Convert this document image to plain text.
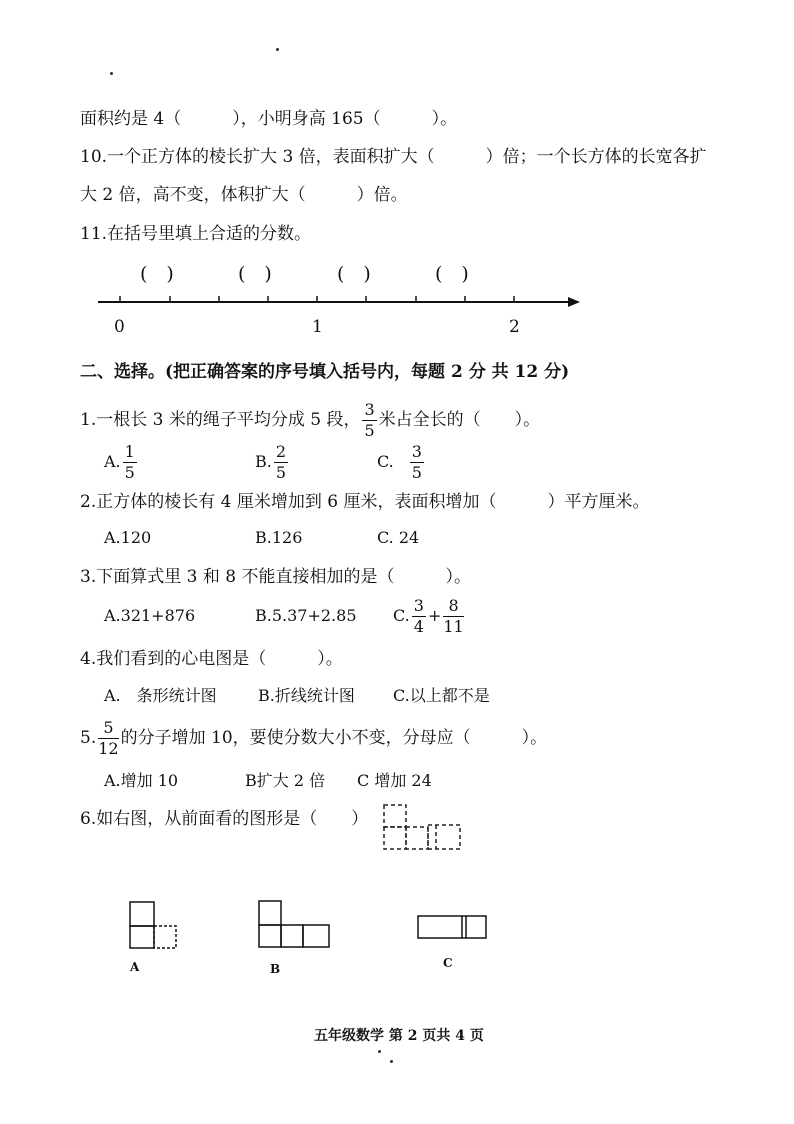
面积约是 4（　　　），小明身高 165（　　　）。
10.一个正方体的棱长扩大 3 倍，表面积扩大（　　　）倍；一个长方体的长宽各扩
大 2 倍，高不变，体积扩大（　　　）倍。
11.在括号里填上合适的分数。
(　)	(　)	(　)	(　)
0	1	2
二、选择。(把正确答案的序号填入括号内，每题 2 分 共 12 分)
1.一根长 3 米的绳子平均分成 5 段， $\frac{3}{5}$ 米占全长的（　　）。
A. $\frac{1}{5}$	B. $\frac{2}{5}$	C. $\frac{3}{5}$
2.正方体的棱长有 4 厘米增加到 6 厘米，表面积增加（　　　）平方厘米。
A.120	B.126	C. 24
3.下面算式里 3 和 8 不能直接相加的是（　　　）。
A.321+876	B.5.37+2.85 C. $\frac{3}{4} + \frac{8}{11}$
4.我们看到的心电图是（　　　）。
A.　条形统计图	B.折线统计图 C.以上都不是
5. $\frac{5}{12}$ 的分子增加 10，要使分数大小不变，分母应（　　　）。
A.增加 10	B扩大 2 倍 C 增加 24
6.如右图，从前面看的图形是（　　）
A	B	C
五年级数学 第 2 页共 4 页
